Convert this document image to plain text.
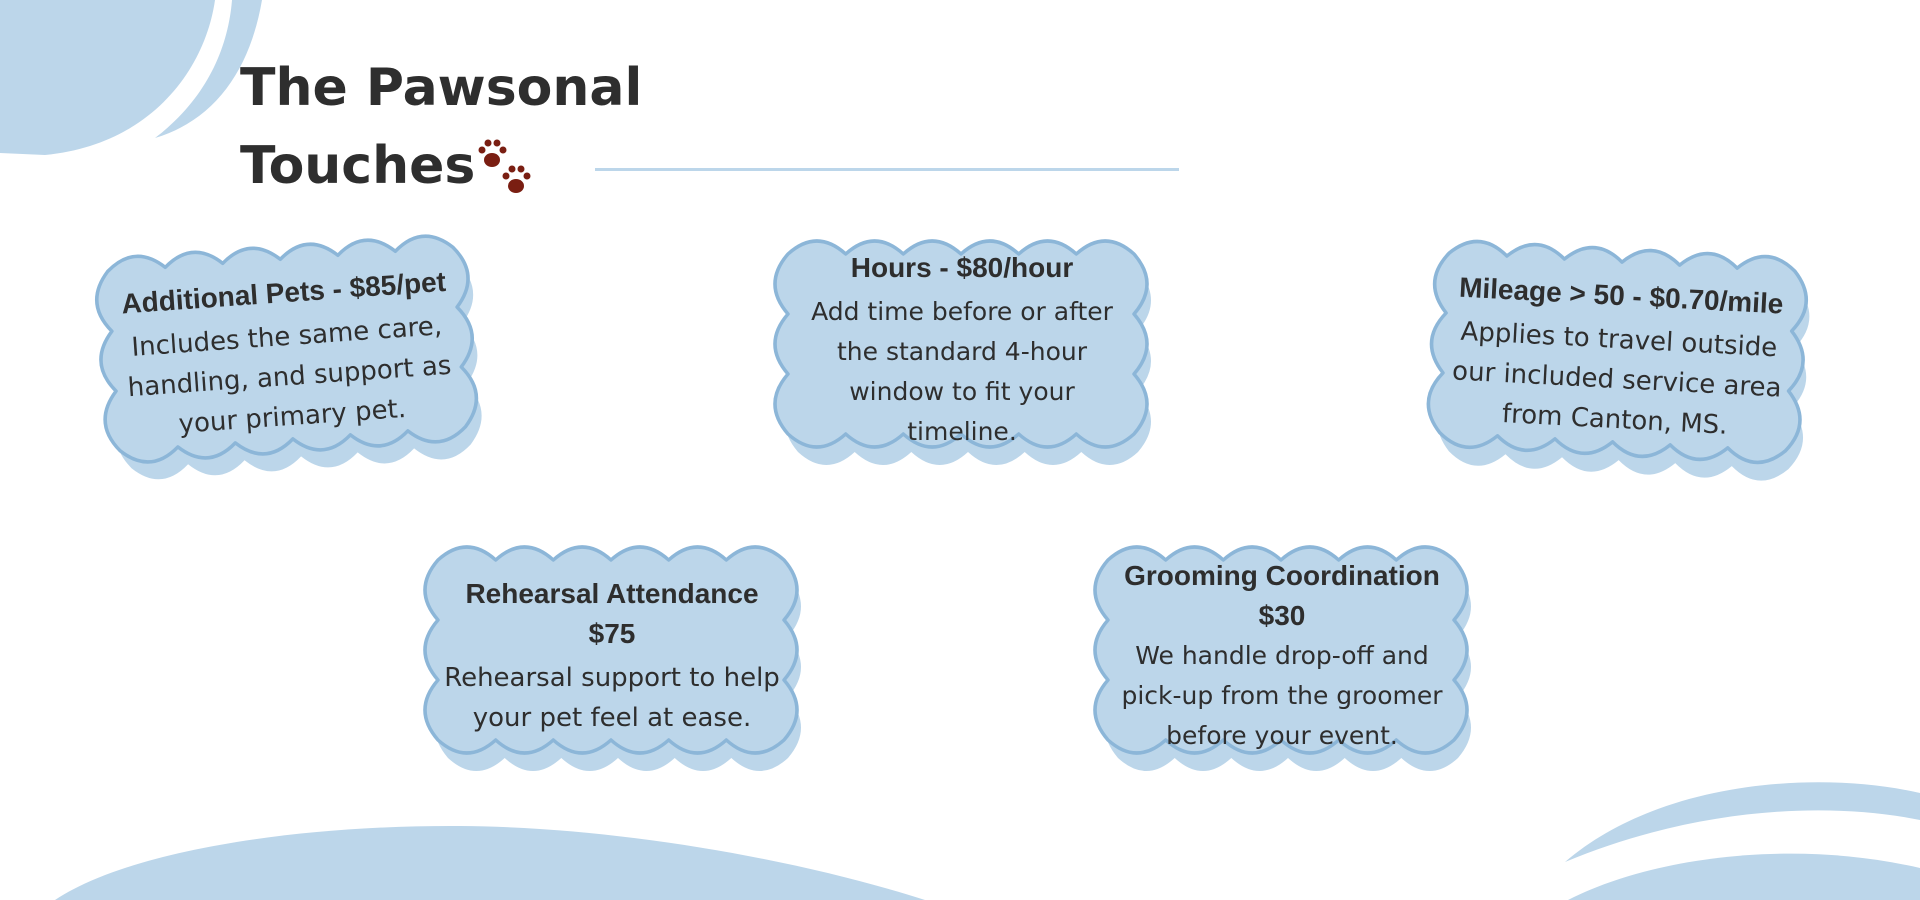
The Pawsonal
Touches
Additional Pets - $85/pet
Includes the same care,
handling, and support as
your primary pet.
Hours - $80/hour
Add time before or after
the standard 4-hour
window to fit your timeline.
Mileage > 50 - $0.70/mile
Applies to travel outside
our included service area
from Canton, MS.
Rehearsal Attendance
$75
Rehearsal support to help
your pet feel at ease.
Grooming Coordination
$30
We handle drop-off and
pick-up from the groomer
before your event.
